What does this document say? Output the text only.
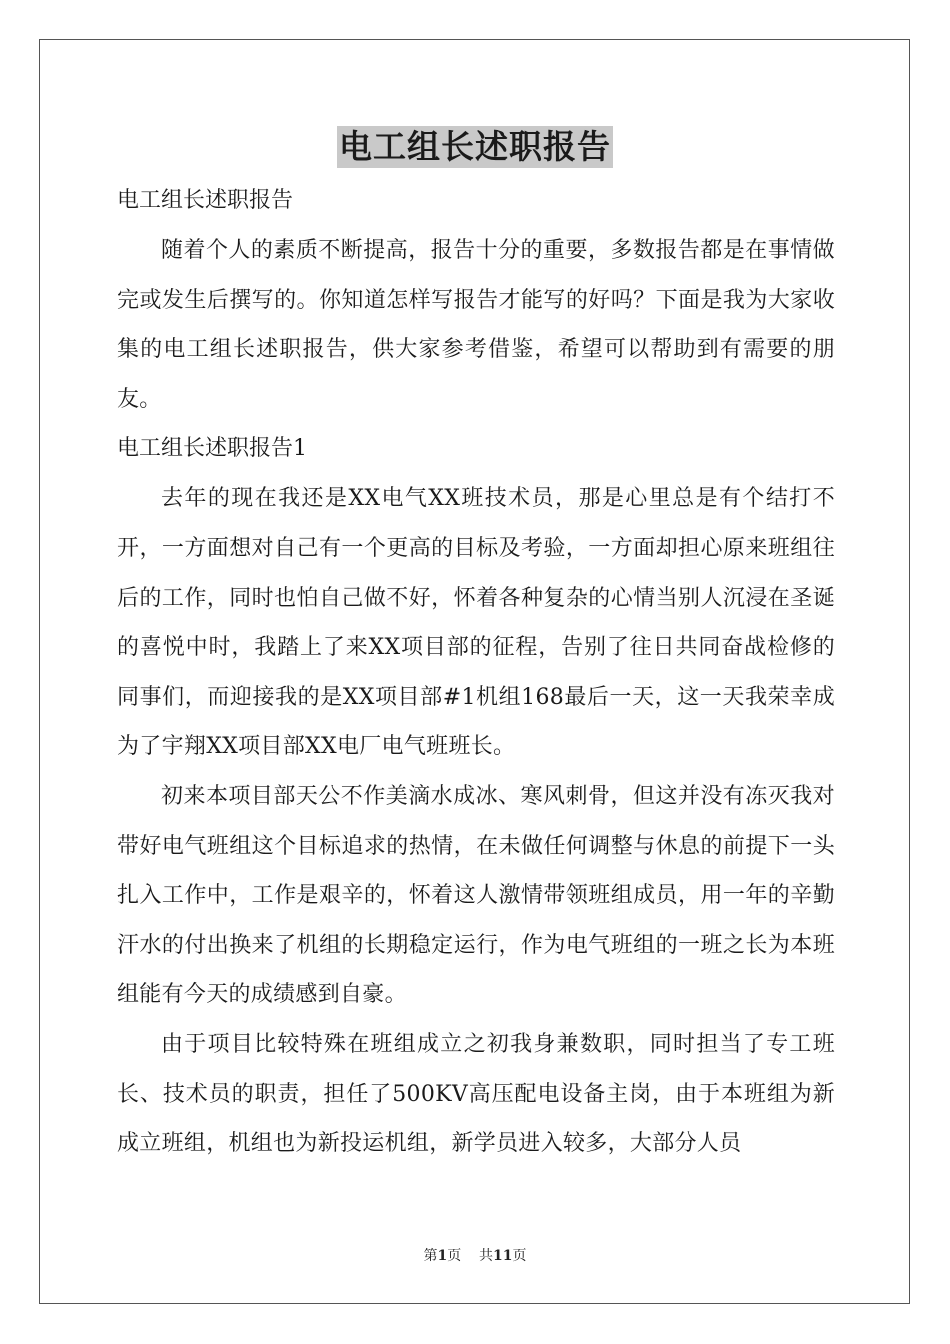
电工组长述职报告

电工组长述职报告

随着个人的素质不断提高，报告十分的重要，多数报告都是在事情做完或发生后撰写的。你知道怎样写报告才能写的好吗？下面是我为大家收集的电工组长述职报告，供大家参考借鉴，希望可以帮助到有需要的朋友。

电工组长述职报告1

去年的现在我还是XX电气XX班技术员，那是心里总是有个结打不开，一方面想对自己有一个更高的目标及考验，一方面却担心原来班组往后的工作，同时也怕自己做不好，怀着各种复杂的心情当别人沉浸在圣诞的喜悦中时，我踏上了来XX项目部的征程，告别了往日共同奋战检修的同事们，而迎接我的是XX项目部#1机组168最后一天，这一天我荣幸成为了宇翔XX项目部XX电厂电气班班长。

初来本项目部天公不作美滴水成冰、寒风刺骨，但这并没有冻灭我对带好电气班组这个目标追求的热情，在未做任何调整与休息的前提下一头扎入工作中，工作是艰辛的，怀着这人激情带领班组成员，用一年的辛勤汗水的付出换来了机组的长期稳定运行，作为电气班组的一班之长为本班组能有今天的成绩感到自豪。

由于项目比较特殊在班组成立之初我身兼数职，同时担当了专工班长、技术员的职责，担任了500KV高压配电设备主岗，由于本班组为新成立班组，机组也为新投运机组，新学员进入较多，大部分人员

第1页 共11页
